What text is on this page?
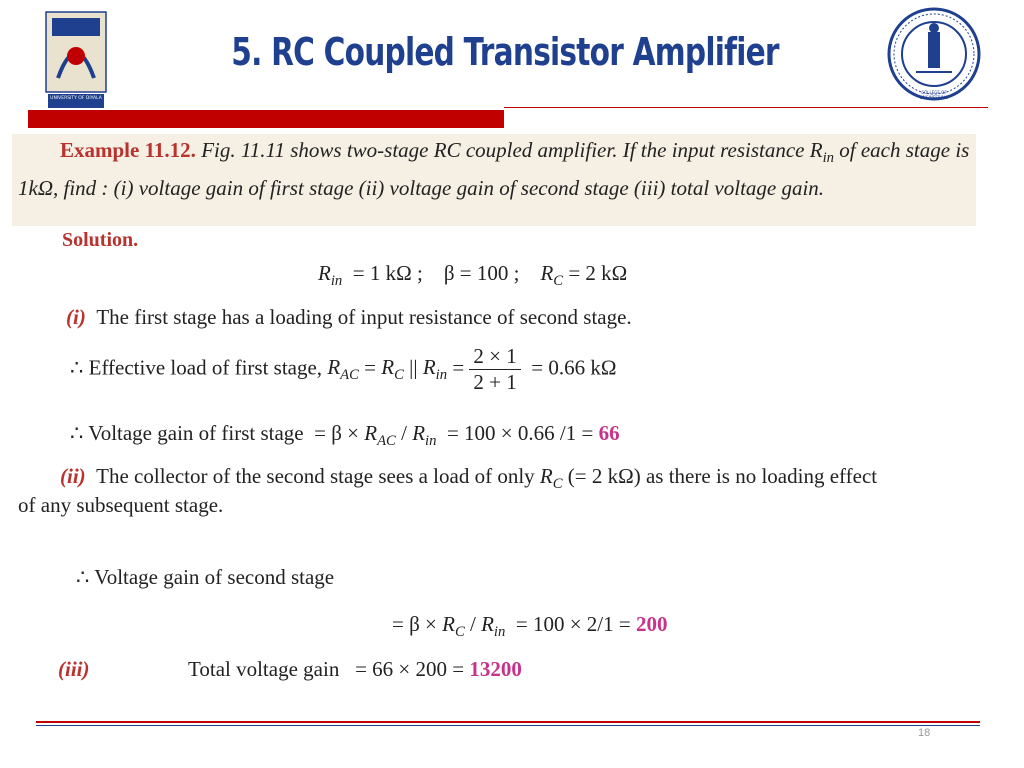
UNIVERSITY OF DIYALA
5. RC Coupled Transistor Amplifier
COLLEGE OF ENGINEERING
Example 11.12. Fig. 11.11 shows two-stage RC coupled amplifier. If the input resistance $R_{in}$ of each stage is 1kΩ, find : (i) voltage gain of first stage (ii) voltage gain of second stage (iii) total voltage gain.
Solution.
$R_{in} = 1$ kΩ ; β = 100 ; $R_C = 2$ kΩ
(i) The first stage has a loading of input resistance of second stage.
∴ Effective load of first stage, $R_{AC} = R_C$ || $R_{in} = \frac{2 \times 1}{2 + 1} = 0.66$ kΩ
∴ Voltage gain of first stage  = $\beta \times R_{AC} / R_{in} = 100 \times 0.66$ /1 = 66
(ii) The collector of the second stage sees a load of only $R_C$ (= 2 kΩ) as there is no loading effect
of any subsequent stage.
∴ Voltage gain of second stage
= $\beta \times R_C / R_{in} = 100 \times 2/1 = 200$
(iii)	Total voltage gain = 66 × 200 = 13200
18
